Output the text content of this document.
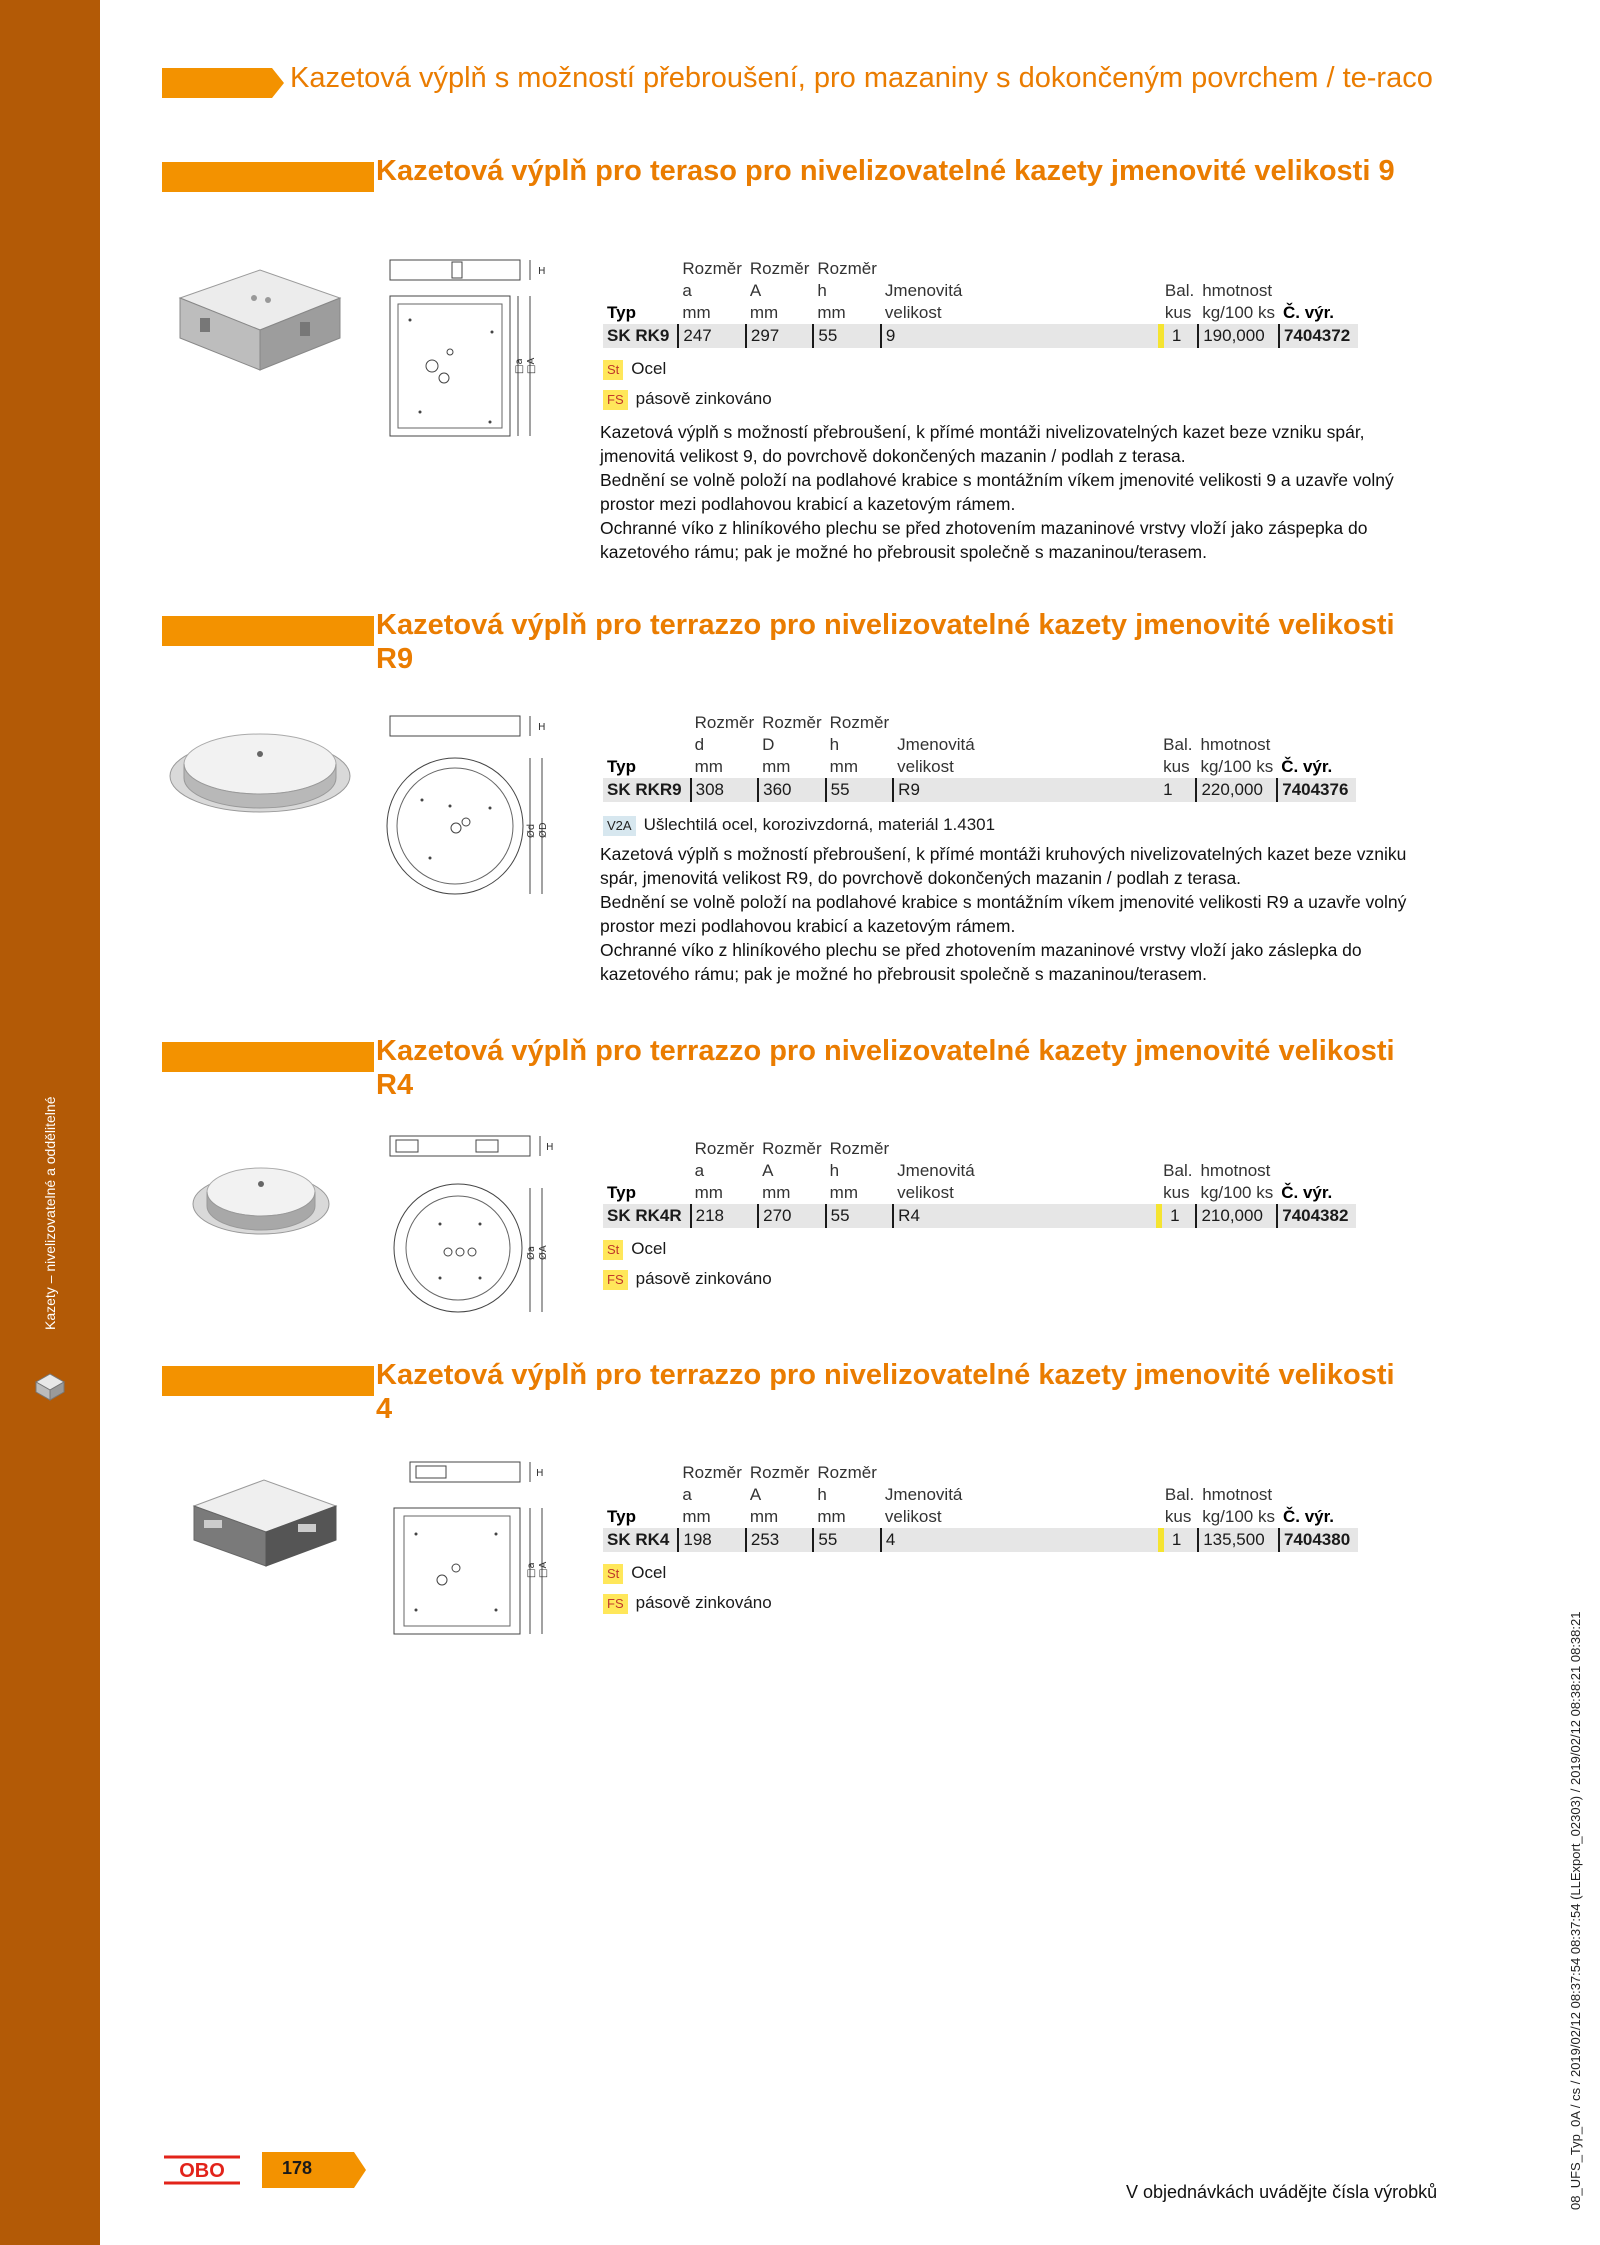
Kazety – nivelizovatelné a oddělitelné
Kazetová výplň s možností přebroušení, pro mazaniny s dokončeným povrchem / te-raco
Kazetová výplň pro teraso pro nivelizovatelné kazety jmenovité velikosti 9
H
□a □A
	Rozměr	Rozměr	Rozměr				
	a	A	h	Jmenovitá	Bal.	hmotnost	
Typ	mm	mm	mm	velikost	kus	kg/100 ks	Č. výr.
SK RK9	247	297	55	9	1	190,000	7404372
St Ocel
FS pásově zinkováno
Kazetová výplň s možností přebroušení, k přímé montáži nivelizovatelných kazet beze vzniku spár, jmenovitá velikost 9, do povrchově dokončených mazanin / podlah z terasa.
Bednění se volně položí na podlahové krabice s montážním víkem jmenovité velikosti 9 a uzavře volný prostor mezi podlahovou krabicí a kazetovým rámem.
Ochranné víko z hliníkového plechu se před zhotovením mazaninové vrstvy vloží jako záspepka do kazetového rámu; pak je možné ho přebrousit společně s mazaninou/terasem.
Kazetová výplň pro terrazzo pro nivelizovatelné kazety jmenovité velikosti R9
H
Ød ØD
	Rozměr	Rozměr	Rozměr				
	d	D	h	Jmenovitá	Bal.	hmotnost	
Typ	mm	mm	mm	velikost	kus	kg/100 ks	Č. výr.
SK RKR9	308	360	55	R9	1	220,000	7404376
V2A Ušlechtilá ocel, korozivzdorná, materiál 1.4301
Kazetová výplň s možností přebroušení, k přímé montáži kruhových nivelizovatelných kazet beze vzniku spár, jmenovitá velikost R9, do povrchově dokončených mazanin / podlah z terasa.
Bednění se volně položí na podlahové krabice s montážním víkem jmenovité velikosti R9 a uzavře volný prostor mezi podlahovou krabicí a kazetovým rámem.
Ochranné víko z hliníkového plechu se před zhotovením mazaninové vrstvy vloží jako záslepka do kazetového rámu; pak je možné ho přebrousit společně s mazaninou/terasem.
Kazetová výplň pro terrazzo pro nivelizovatelné kazety jmenovité velikosti R4
H
Øa ØA
	Rozměr	Rozměr	Rozměr				
	a	A	h	Jmenovitá	Bal.	hmotnost	
Typ	mm	mm	mm	velikost	kus	kg/100 ks	Č. výr.
SK RK4R	218	270	55	R4	1	210,000	7404382
St Ocel
FS pásově zinkováno
Kazetová výplň pro terrazzo pro nivelizovatelné kazety jmenovité velikosti 4
H
□a □A
	Rozměr	Rozměr	Rozměr				
	a	A	h	Jmenovitá	Bal.	hmotnost	
Typ	mm	mm	mm	velikost	kus	kg/100 ks	Č. výr.
SK RK4	198	253	55	4	1	135,500	7404380
St Ocel
FS pásově zinkováno
OBO	178
V objednávkách uvádějte čísla výrobků	08_UFS_Typ_0A / cs / 2019/02/12 08:37:54 08:37:54 (LLExport_02303) / 2019/02/12 08:38:21 08:38:21
